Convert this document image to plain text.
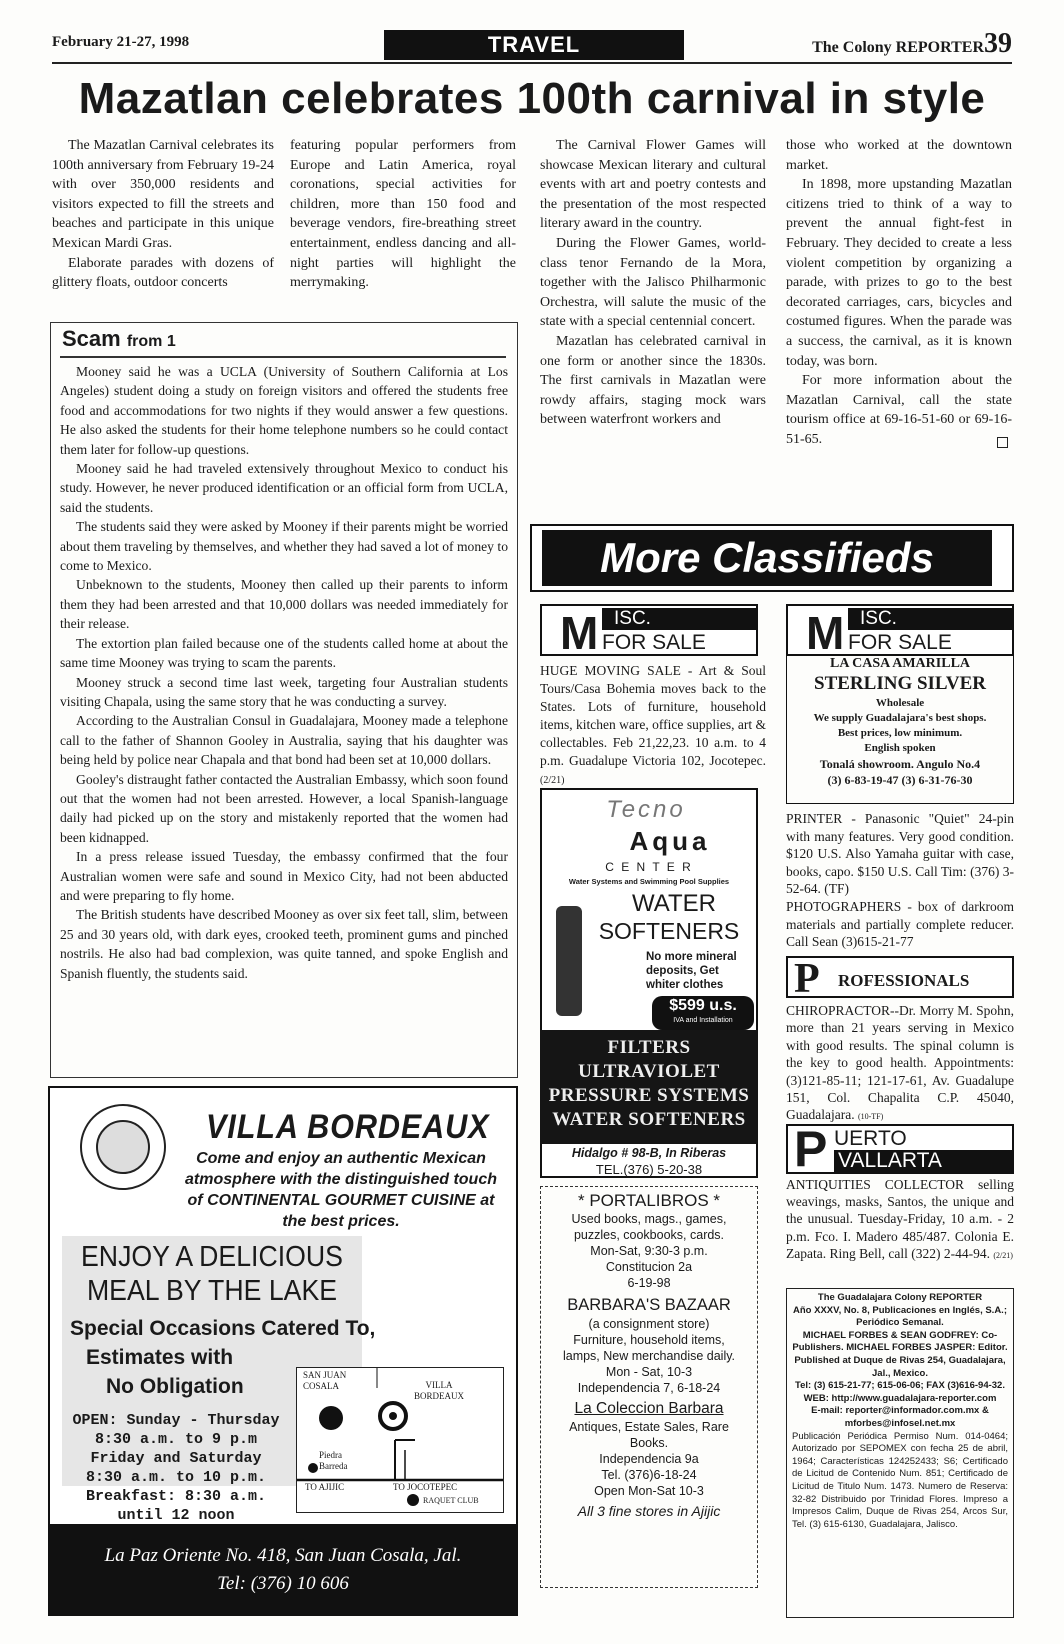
February 21-27, 1998	TRAVEL	The Colony REPORTER39
Mazatlan celebrates 100th carnival in style

The Mazatlan Carnival celebrates its 100th anniversary from February 19-24 with over 350,000 residents and visitors expected to fill the streets and beaches and participate in this unique Mexican Mardi Gras.

Elaborate parades with dozens of glittery floats, outdoor concerts

featuring popular performers from Europe and Latin America, royal coronations, special activities for children, more than 150 food and beverage vendors, fire-breathing street entertainment, endless dancing and all-night parties will highlight the merrymaking.

The Carnival Flower Games will showcase Mexican literary and cultural events with art and poetry contests and the presentation of the most respected literary award in the country.

During the Flower Games, world-class tenor Fernando de la Mora, together with the Jalisco Philharmonic Orchestra, will salute the music of the state with a special centennial concert.

Mazatlan has celebrated carnival in one form or another since the 1830s. The first carnivals in Mazatlan were rowdy affairs, staging mock wars between waterfront workers and

those who worked at the downtown market.

In 1898, more upstanding Mazatlan citizens tried to think of a way to prevent the annual fight-fest in February. They decided to create a less violent competition by organizing a parade, with prizes to go to the best decorated carriages, cars, bicycles and costumed figures. When the parade was a success, the carnival, as it is known today, was born.

For more information about the Mazatlan Carnival, call the state tourism office at 69-16-51-60 or 69-16-51-65.

Scam from 1

Mooney said he was a UCLA (University of Southern California at Los Angeles) student doing a study on foreign visitors and offered the students free food and accommodations for two nights if they would answer a few questions. He also asked the students for their home telephone numbers so he could contact them later for follow-up questions.

Mooney said he had traveled extensively throughout Mexico to conduct his study. However, he never produced identification or an official form from UCLA, said the students.

The students said they were asked by Mooney if their parents might be worried about them traveling by themselves, and whether they had saved a lot of money to come to Mexico.

Unbeknown to the students, Mooney then called up their parents to inform them they had been arrested and that 10,000 dollars was needed immediately for their release.

The extortion plan failed because one of the students called home at about the same time Mooney was trying to scam the parents.

Mooney struck a second time last week, targeting four Australian students visiting Chapala, using the same story that he was conducting a survey.

According to the Australian Consul in Guadalajara, Mooney made a telephone call to the father of Shannon Gooley in Australia, saying that his daughter was being held by police near Chapala and that bond had been set at 10,000 dollars.

Gooley's distraught father contacted the Australian Embassy, which soon found out that the women had not been arrested. However, a local Spanish-language daily had picked up on the story and mistakenly reported that the women had been kidnapped.

In a press release issued Tuesday, the embassy confirmed that the four Australian women were safe and sound in Mexico City, had not been abducted and were preparing to fly home.

The British students have described Mooney as over six feet tall, slim, between 25 and 30 years old, with dark eyes, crooked teeth, prominent gums and pinched nostrils. He also had bad complexion, was quite tanned, and spoke English and Spanish fluently, the students said.

VILLA BORDEAUX
Come and enjoy an authentic Mexican atmosphere with the distinguished touch of CONTINENTAL GOURMET CUISINE at the best prices.
ENJOY A DELICIOUS MEAL BY THE LAKE
Special Occasions Catered To,
Estimates with
No Obligation
OPEN: Sunday - Thursday
8:30 a.m. to 9 p.m
Friday and Saturday
8:30 a.m. to 10 p.m.
Breakfast: 8:30 a.m.
until 12 noon
SAN JUAN COSALA	VILLA BORDEAUX
Piedra Barreda
TO AJIJIC	TO JOCOTEPEC
RAQUET CLUB
La Paz Oriente No. 418, San Juan Cosala, Jal.
Tel: (376) 10 606
More Classifieds
M ISC.
FOR SALE M ISC.
FOR SALE
HUGE MOVING SALE - Art & Soul Tours/Casa Bohemia moves back to the States. Lots of furniture, household items, kitchen ware, office supplies, art & collectables. Feb 21,22,23. 10 a.m. to 4 p.m. Guadalupe Victoria 102, Jocotepec. (2/21)
LA CASA AMARILLA
STERLING SILVER
Wholesale
We supply Guadalajara's best shops.
Best prices, low minimum.
English spoken
Tonalá showroom. Angulo No.4
(3) 6-83-19-47 (3) 6-31-76-30
PRINTER - Panasonic "Quiet" 24-pin with many features. Very good condition. $120 U.S. Also Yamaha guitar with case, books, capo. $150 U.S. Call Tim: (376) 3-52-64. (TF)
PHOTOGRAPHERS - box of darkroom materials and partially complete reducer. Call Sean (3)615-21-77
Tecno
Aqua
C E N T E R
Water Systems and Swimming Pool Supplies
WATER
SOFTENERS
No more mineral deposits, Get whiter clothes
$599 u.s.
IVA and Installation
FILTERS
ULTRAVIOLET
PRESSURE SYSTEMS
WATER SOFTENERS
Hidalgo # 98-B, In Riberas
TEL.(376) 5-20-38
* PORTALIBROS *
Used books, mags., games, puzzles, cookbooks, cards.
Mon-Sat, 9:30-3 p.m.
Constitucion 2a
6-19-98
BARBARA'S BAZAAR
(a consignment store)
Furniture, household items, lamps, New merchandise daily.
Mon - Sat, 10-3
Independencia 7, 6-18-24
La Coleccion Barbara
Antiques, Estate Sales, Rare Books.
Independencia 9a
Tel. (376)6-18-24
Open Mon-Sat 10-3
All 3 fine stores in Ajijic
P ROFESSIONALS
CHIROPRACTOR--Dr. Morry M. Spohn, more than 21 years serving in Mexico with good results. The spinal column is the key to good health. Appointments: (3)121-85-11; 121-17-61, Av. Guadalupe 151, Col. Chapalita C.P. 45040, Guadalajara. (10-TF)
P UERTO
VALLARTA
ANTIQUITIES COLLECTOR selling weavings, masks, Santos, the unique and the unusual. Tuesday-Friday, 10 a.m. - 2 p.m. Fco. I. Madero 485/487. Colonia E. Zapata. Ring Bell, call (322) 2-44-94. (2/21)
The Guadalajara Colony REPORTER
Año XXXV, No. 8, Publicaciones en Inglés, S.A.; Periódico Semanal.
MICHAEL FORBES & SEAN GODFREY: Co-Publishers. MICHAEL FORBES JASPER: Editor. Published at Duque de Rivas 254, Guadalajara, Jal., Mexico.
Tel: (3) 615-21-77; 615-06-06; FAX (3)616-94-32.
WEB: http://www.guadalajara-reporter.com
E-mail: reporter@informador.com.mx & mforbes@infosel.net.mx
Publicación Periódica Permiso Num. 014-0464; Autorizado por SEPOMEX con fecha 25 de abril, 1964; Características 124252433; S6; Certificado de Licitud de Contenido Num. 851; Certificado de Licitud de Titulo Num. 1473. Numero de Reserva: 32-82 Distribuido por Trinidad Flores. Impreso a Impresos Calim, Duque de Rivas 254, Arcos Sur, Tel. (3) 615-6130, Guadalajara, Jalisco.
